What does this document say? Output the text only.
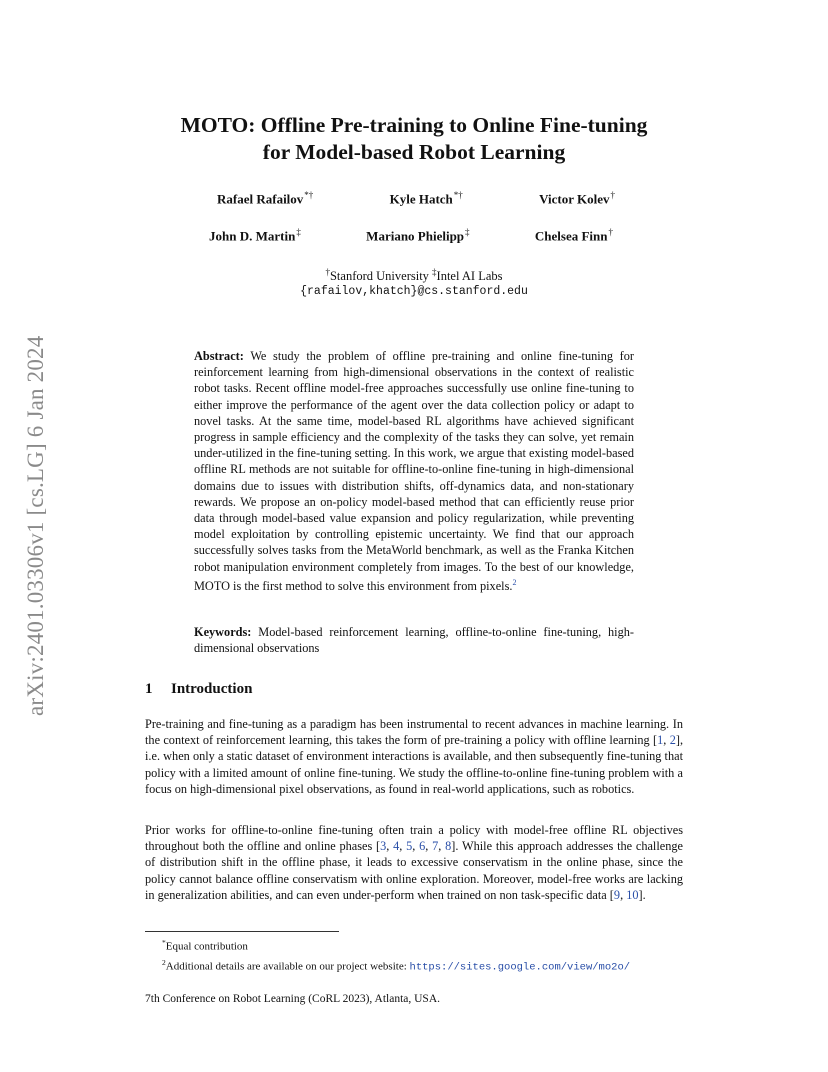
arXiv:2401.03306v1 [cs.LG] 6 Jan 2024
MOTO: Offline Pre-training to Online Fine-tuning
for Model-based Robot Learning
Rafael Rafailov*†	Kyle Hatch*†	Victor Kolev†
John D. Martin‡	Mariano Phielipp‡	Chelsea Finn†
†Stanford University ‡Intel AI Labs
{rafailov,khatch}@cs.stanford.edu

Abstract: We study the problem of offline pre-training and online fine-tuning for reinforcement learning from high-dimensional observations in the context of realistic robot tasks. Recent offline model-free approaches successfully use online fine-tuning to either improve the performance of the agent over the data collection policy or adapt to novel tasks. At the same time, model-based RL algorithms have achieved significant progress in sample efficiency and the complexity of the tasks they can solve, yet remain under-utilized in the fine-tuning setting. In this work, we argue that existing model-based offline RL methods are not suitable for offline-to-online fine-tuning in high-dimensional domains due to issues with distribution shifts, off-dynamics data, and non-stationary rewards. We propose an on-policy model-based method that can efficiently reuse prior data through model-based value expansion and policy regularization, while preventing model exploitation by controlling epistemic uncertainty. We find that our approach successfully solves tasks from the MetaWorld benchmark, as well as the Franka Kitchen robot manipulation environment completely from images. To the best of our knowledge, MOTO is the first method to solve this environment from pixels.$^2$

Keywords: Model-based reinforcement learning, offline-to-online fine-tuning, high-dimensional observations

1 Introduction

Pre-training and fine-tuning as a paradigm has been instrumental to recent advances in machine learning. In the context of reinforcement learning, this takes the form of pre-training a policy with offline learning [1, 2], i.e. when only a static dataset of environment interactions is available, and then subsequently fine-tuning that policy with a limited amount of online fine-tuning. We study the offline-to-online fine-tuning problem with a focus on high-dimensional pixel observations, as found in real-world applications, such as robotics.

Prior works for offline-to-online fine-tuning often train a policy with model-free offline RL objectives throughout both the offline and online phases [3, 4, 5, 6, 7, 8]. While this approach addresses the challenge of distribution shift in the offline phase, it leads to excessive conservatism in the online phase, since the policy cannot balance offline conservatism with online exploration. Moreover, model-free works are lacking in generalization abilities, and can even under-perform when trained on non task-specific data [9, 10].

*Equal contribution
$^2$Additional details are available on our project website: https://sites.google.com/view/mo2o/
7th Conference on Robot Learning (CoRL 2023), Atlanta, USA.
